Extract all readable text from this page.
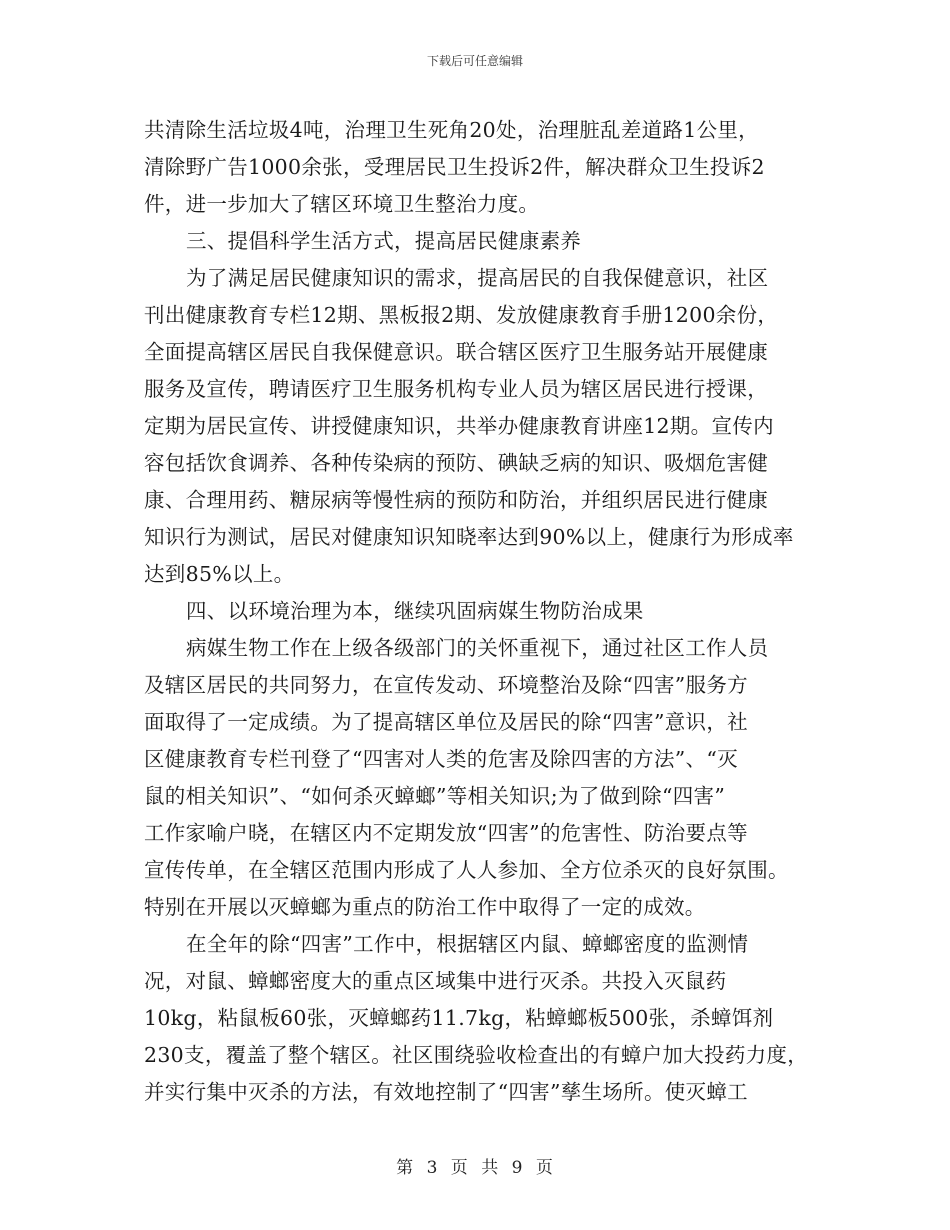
下载后可任意编辑
共清除生活垃圾4吨，治理卫生死角20处，治理脏乱差道路1公里，
清除野广告1000余张，受理居民卫生投诉2件，解决群众卫生投诉2
件，进一步加大了辖区环境卫生整治力度。
三、提倡科学生活方式，提高居民健康素养
为了满足居民健康知识的需求，提高居民的自我保健意识，社区
刊出健康教育专栏12期、黑板报2期、发放健康教育手册1200余份，
全面提高辖区居民自我保健意识。联合辖区医疗卫生服务站开展健康
服务及宣传，聘请医疗卫生服务机构专业人员为辖区居民进行授课，
定期为居民宣传、讲授健康知识，共举办健康教育讲座12期。宣传内
容包括饮食调养、各种传染病的预防、碘缺乏病的知识、吸烟危害健
康、合理用药、糖尿病等慢性病的预防和防治，并组织居民进行健康
知识行为测试，居民对健康知识知晓率达到90%以上，健康行为形成率
达到85%以上。
四、以环境治理为本，继续巩固病媒生物防治成果
病媒生物工作在上级各级部门的关怀重视下，通过社区工作人员
及辖区居民的共同努力，在宣传发动、环境整治及除“四害”服务方
面取得了一定成绩。为了提高辖区单位及居民的除“四害”意识，社
区健康教育专栏刊登了“四害对人类的危害及除四害的方法”、“灭
鼠的相关知识”、“如何杀灭蟑螂”等相关知识;为了做到除“四害”
工作家喻户晓，在辖区内不定期发放“四害”的危害性、防治要点等
宣传传单，在全辖区范围内形成了人人参加、全方位杀灭的良好氛围。
特别在开展以灭蟑螂为重点的防治工作中取得了一定的成效。
在全年的除“四害”工作中，根据辖区内鼠、蟑螂密度的监测情
况，对鼠、蟑螂密度大的重点区域集中进行灭杀。共投入灭鼠药
10kg，粘鼠板60张，灭蟑螂药11.7kg，粘蟑螂板500张，杀蟑饵剂
230支，覆盖了整个辖区。社区围绕验收检查出的有蟑户加大投药力度，
并实行集中灭杀的方法，有效地控制了“四害”孳生场所。使灭蟑工
第 3 页 共 9 页
